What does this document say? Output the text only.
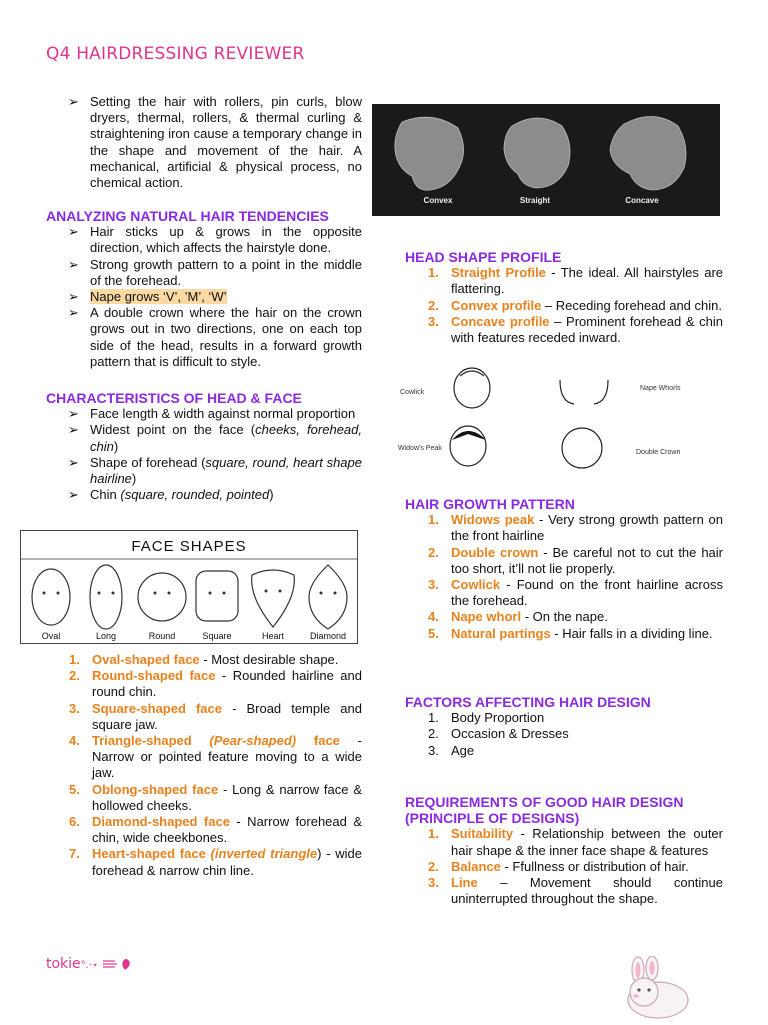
Q4 HAIRDRESSING REVIEWER
➢ Setting the hair with rollers, pin curls, blow dryers, thermal, rollers, & thermal curling & straightening iron cause a temporary change in the shape and movement of the hair. A mechanical, artificial & physical process, no chemical action.
ANALYZING NATURAL HAIR TENDENCIES
➢ Hair sticks up & grows in the opposite direction, which affects the hairstyle done.
➢ Strong growth pattern to a point in the middle of the forehead.
➢ Nape grows ‘V’, ’M’, ‘W’
➢ A double crown where the hair on the crown grows out in two directions, one on each top side of the head, results in a forward growth pattern that is difficult to style.
CHARACTERISTICS OF HEAD & FACE
➢ Face length & width against normal proportion
➢ Widest point on the face (cheeks, forehead, chin)
➢ Shape of forehead (square, round, heart shape hairline)
➢ Chin (square, rounded, pointed)
FACE SHAPES
Oval	Long	Round	Square	Heart	Diamond
1. Oval-shaped face - Most desirable shape.
2. Round-shaped face - Rounded hairline and round chin.
3. Square-shaped face - Broad temple and square jaw.
4. Triangle-shaped (Pear-shaped) face - Narrow or pointed feature moving to a wide jaw.
5. Oblong-shaped face - Long & narrow face & hollowed cheeks.
6. Diamond-shaped face - Narrow forehead & chin, wide cheekbones.
7. Heart-shaped face (inverted triangle) - wide forehead & narrow chin line.
Convex	Straight	Concave
HEAD SHAPE PROFILE
1. Straight Profile - The ideal. All hairstyles are flattering.
2. Convex profile – Receding forehead and chin.
3. Concave profile – Prominent forehead & chin with features receded inward.
Cowlick
Nape Whorls
Widow's Peak
Double Crown
HAIR GROWTH PATTERN
1. Widows peak - Very strong growth pattern on the front hairline
2. Double crown - Be careful not to cut the hair too short, it’ll not lie properly.
3. Cowlick - Found on the front hairline across the forehead.
4. Nape whorl - On the nape.
5. Natural partings - Hair falls in a dividing line.
FACTORS AFFECTING HAIR DESIGN
1. Body Proportion
2. Occasion & Dresses
3. Age
REQUIREMENTS OF GOOD HAIR DESIGN (PRINCIPLE OF DESIGNS)
1. Suitability - Relationship between the outer hair shape & the inner face shape & features
2. Balance - Ffullness or distribution of hair.
3. Line – Movement should continue uninterrupted throughout the shape.
tokie°.·⋆
